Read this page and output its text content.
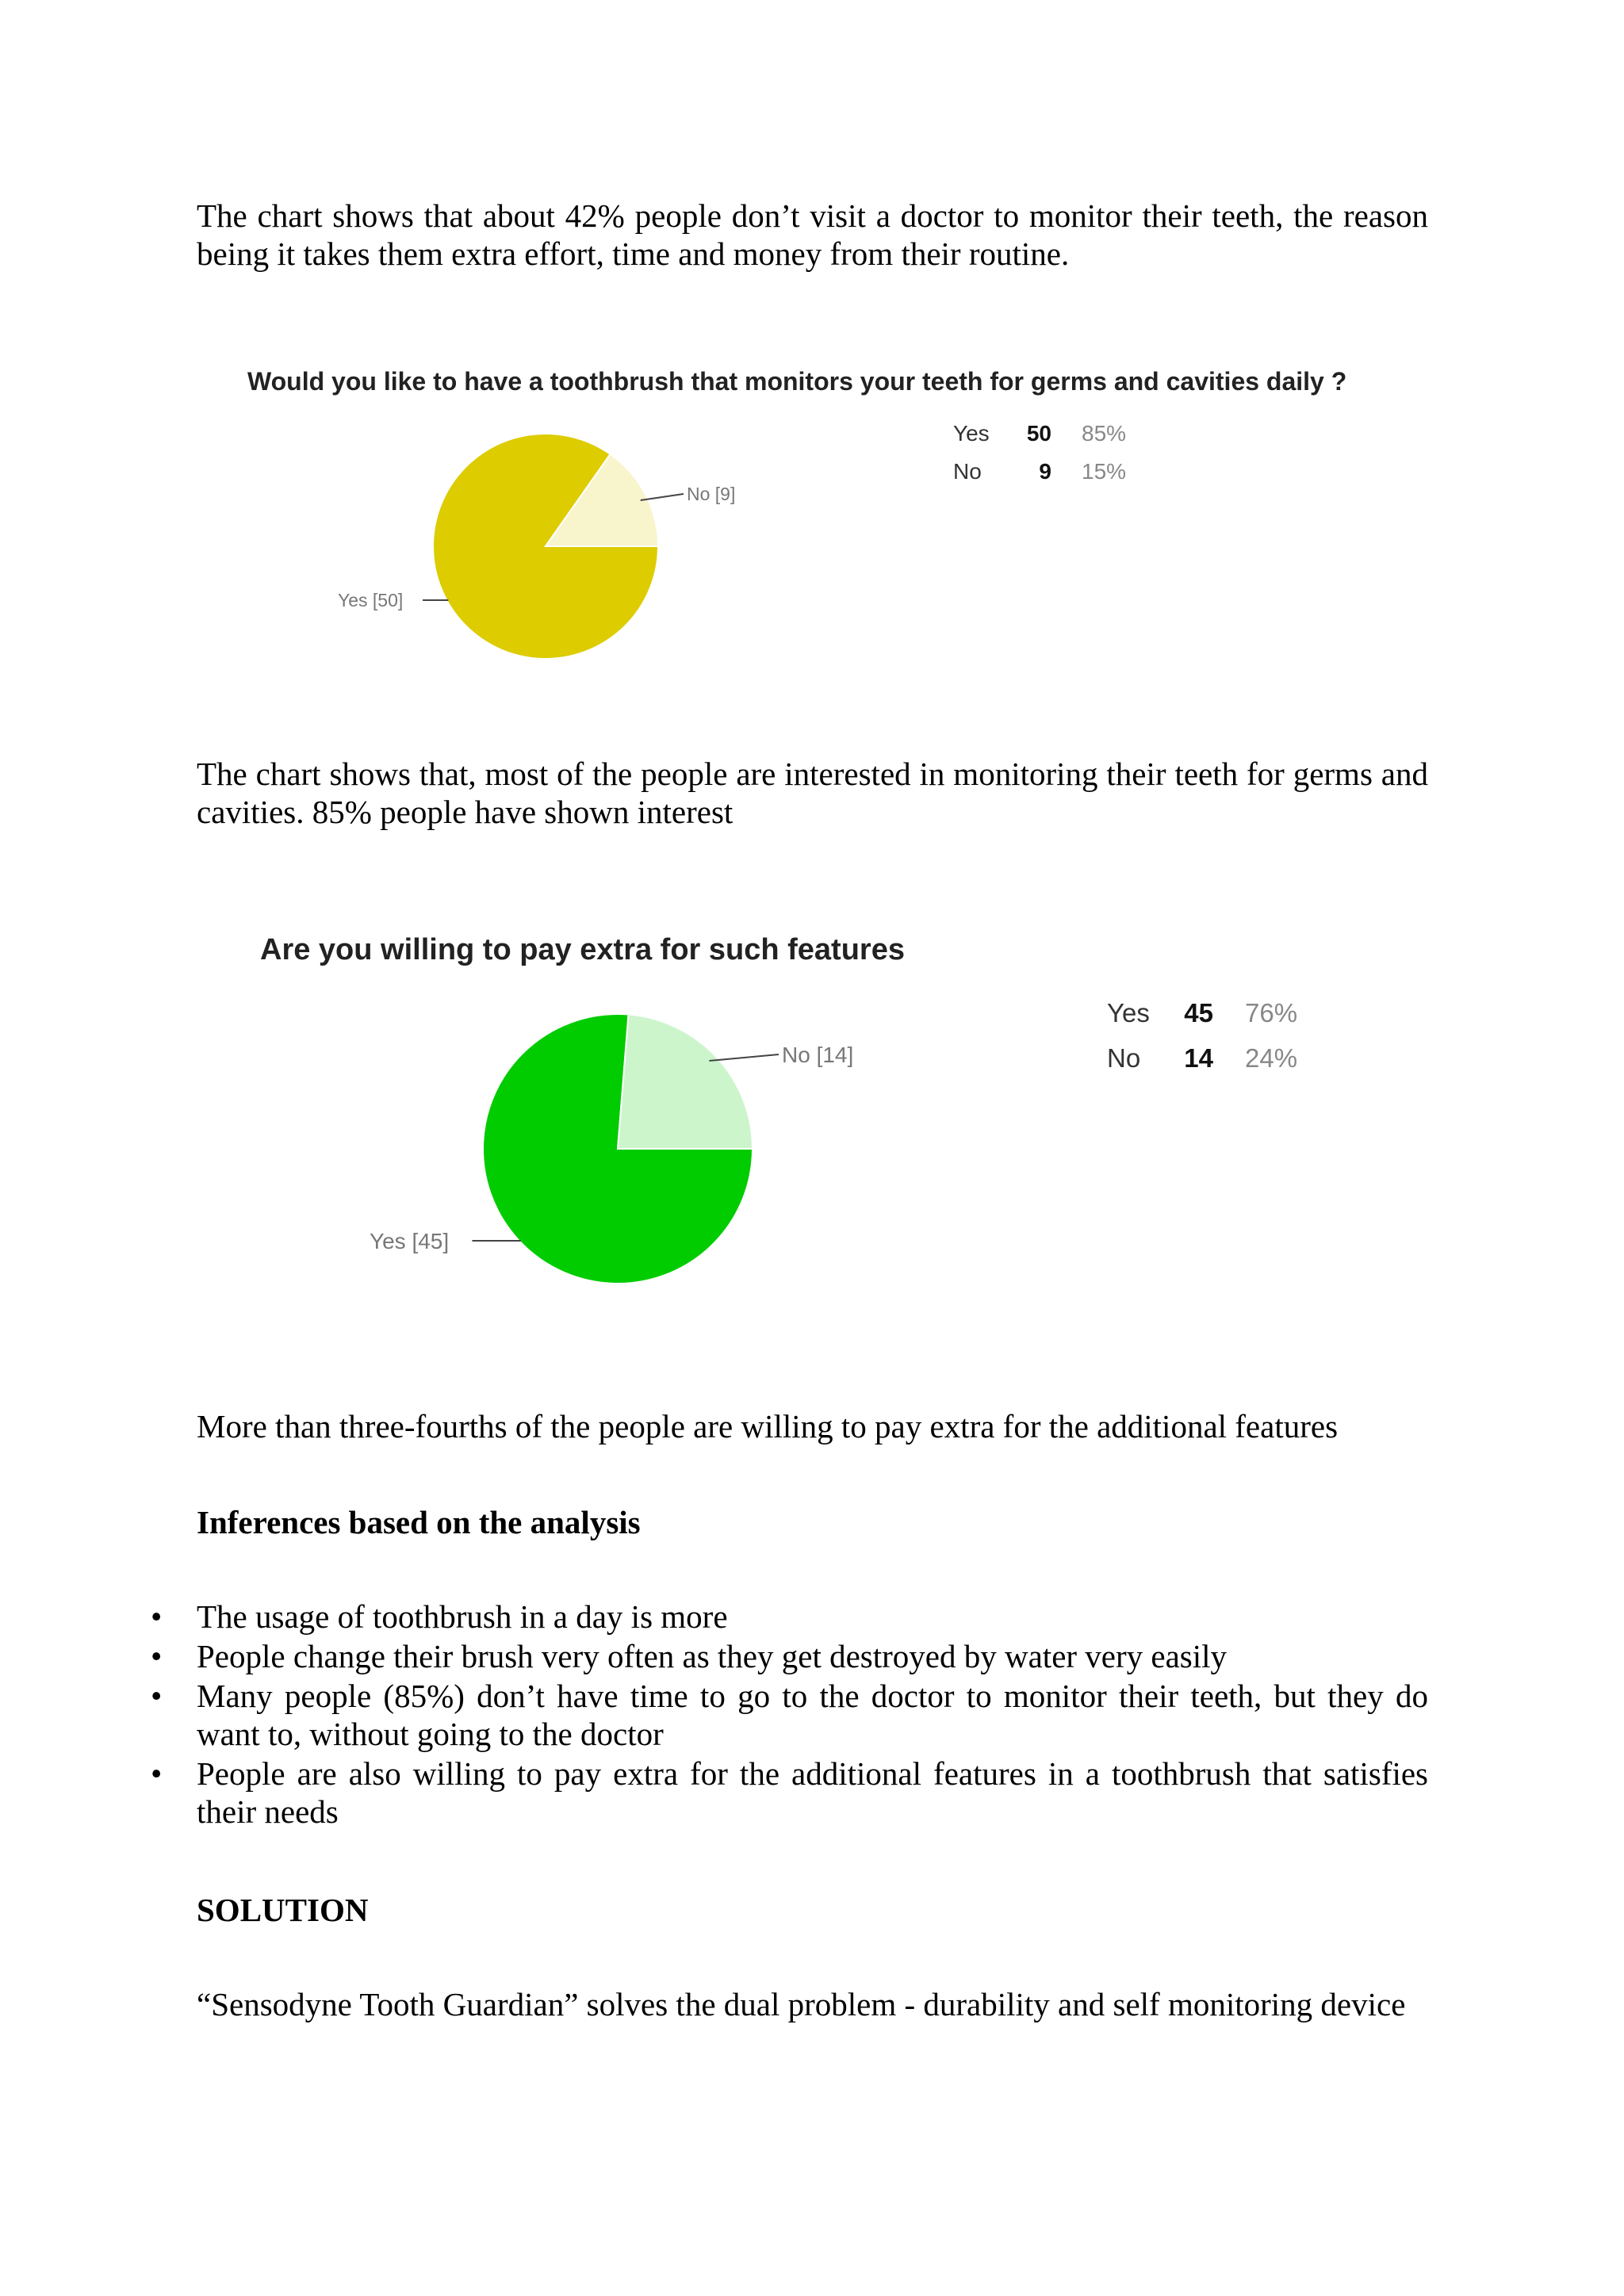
The chart shows that about 42% people don’t visit a doctor to monitor their teeth, the reason being it takes them extra effort, time and money from their routine.

Would you like to have a toothbrush that monitors your teeth for germs and cavities daily ?
Yes [50]
No [9]
Yes	50	85%
No	9	15%

The chart shows that, most of the people are interested in monitoring their teeth for germs and cavities. 85% people have shown interest

Are you willing to pay extra for such features
Yes [45]
No [14]
Yes	45	76%
No	14	24%

More than three-fourths of the people are willing to pay extra for the additional features

Inferences based on the analysis

• The usage of toothbrush in a day is more
• People change their brush very often as they get destroyed by water very easily
• Many people (85%) don’t have time to go to the doctor to monitor their teeth, but they do want to, without going to the doctor
• People are also willing to pay extra for the additional features in a toothbrush that satisfies their needs

SOLUTION

“Sensodyne Tooth Guardian” solves the dual problem - durability and self monitoring device
